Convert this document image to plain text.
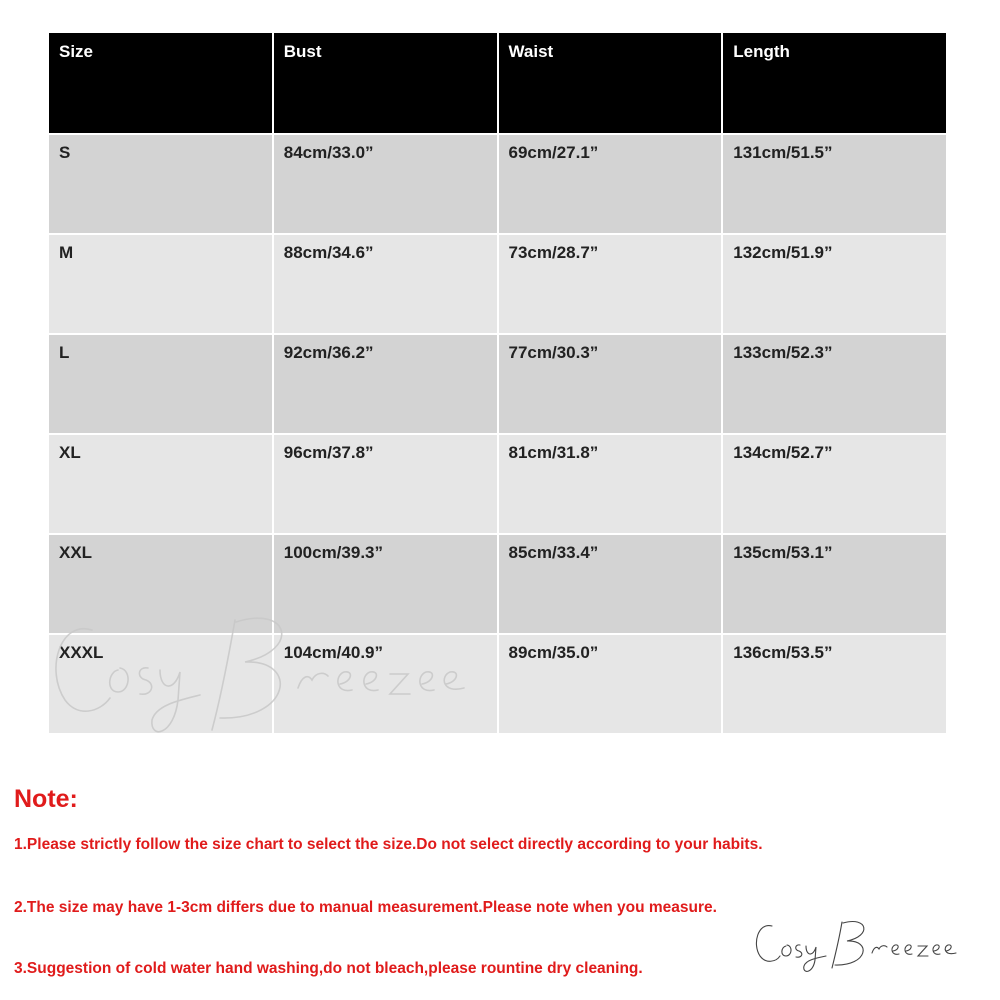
Size	Bust	Waist	Length
S	84cm/33.0”	69cm/27.1”	131cm/51.5”
M	88cm/34.6”	73cm/28.7”	132cm/51.9”
L	92cm/36.2”	77cm/30.3”	133cm/52.3”
XL	96cm/37.8”	81cm/31.8”	134cm/52.7”
XXL	100cm/39.3”	85cm/33.4”	135cm/53.1”
XXXL	104cm/40.9”	89cm/35.0”	136cm/53.5”

Note:

1.Please strictly follow the size chart to select the size.Do not select directly according to your habits.

2.The size may have 1-3cm differs due to manual measurement.Please note when you measure.

3.Suggestion of cold water hand washing,do not bleach,please rountine dry cleaning.
